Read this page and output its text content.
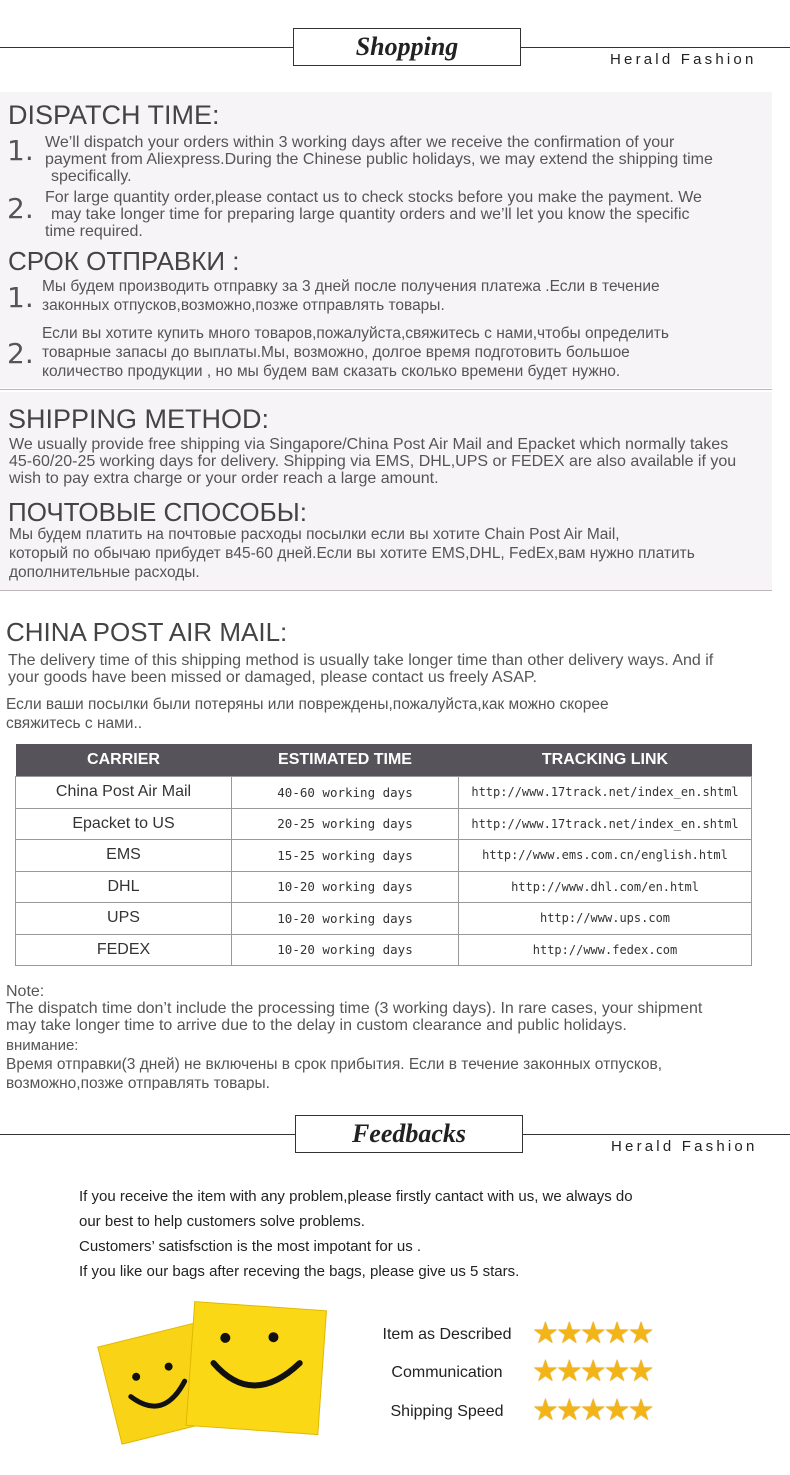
Shopping	Herald Fashion
DISPATCH TIME:
1. We’ll dispatch your orders within 3 working days after we receive the confirmation of your
payment from Aliexpress.During the Chinese public holidays, we may extend the shipping time
specifically.
2. For large quantity order,please contact us to check stocks before you make the payment. We
may take longer time for preparing large quantity orders and we’ll let you know the specific
time required.
СРОК ОТПРАВКИ :
1. Мы будем производить отправку за 3 дней после получения платежа .Если в течение
законных отпусков,возможно,позже отправлять товары.
2.
Если вы хотите купить много товаров,пожалуйста,свяжитесь с нами,чтобы определить
товарные запасы до выплаты.Мы, возможно, долгое время подготовить большое
количество продукции , но мы будем вам сказать сколько времени будет нужно.
SHIPPING METHOD:
We usually provide free shipping via Singapore/China Post Air Mail and Epacket which normally takes
45-60/20-25 working days for delivery. Shipping via EMS, DHL,UPS or FEDEX are also available if you
wish to pay extra charge or your order reach a large amount.
ПОЧТОВЫЕ СПОСОБЫ:
Мы будем платить на почтовые расходы посылки если вы хотите Chain Post Air Mail,
который по обычаю прибудет в45-60 дней.Если вы хотите EMS,DHL, FedEx,вам нужно платить
дополнительные расходы.
CHINA POST AIR MAIL:
The delivery time of this shipping method is usually take longer time than other delivery ways. And if
your goods have been missed or damaged, please contact us freely ASAP.
Если ваши посылки были потеряны или повреждены,пожалуйста,как можно скорее
свяжитесь с нами..
CARRIER	ESTIMATED TIME	TRACKING LINK
China Post Air Mail	40-60 working days	http://www.17track.net/index_en.shtml
Epacket to US	20-25 working days	http://www.17track.net/index_en.shtml
EMS	15-25 working days	http://www.ems.com.cn/english.html
DHL	10-20 working days	http://www.dhl.com/en.html
UPS	10-20 working days	http://www.ups.com
FEDEX	10-20 working days	http://www.fedex.com
Note:
The dispatch time don’t include the processing time (3 working days). In rare cases, your shipment
may take longer time to arrive due to the delay in custom clearance and public holidays.
внимание:
Время отправки(3 дней) не включены в срок прибытия. Если в течение законных отпусков,
возможно,позже отправлять товары.
Feedbacks	Herald Fashion
If you receive the item with any problem,please firstly cantact with us, we always do
our best to help customers solve problems.
Customers’ satisfsction is the most impotant for us .
If you like our bags after receving the bags, please give us 5 stars.
Item as Described ★★★★★
Communication ★★★★★
Shipping Speed ★★★★★
